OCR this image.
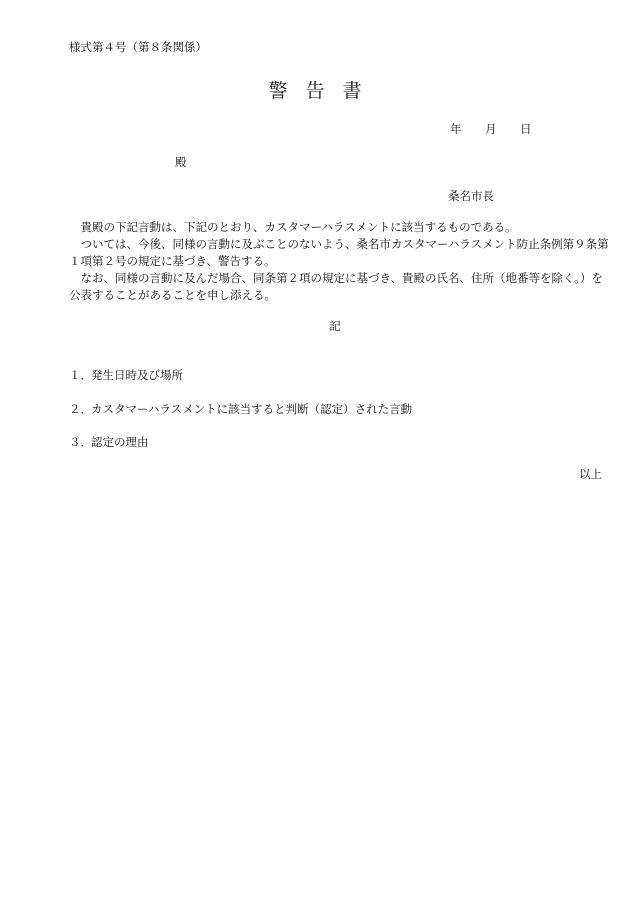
様式第４号（第８条関係）
警 告 書
年 月 日
殿
桑名市長

貴殿の下記言動は、下記のとおり、カスタマーハラスメントに該当するものである。

ついては、今後、同様の言動に及ぶことのないよう、桑名市カスタマーハラスメント防止条例第９条第１項第２号の規定に基づき、警告する。

なお、同様の言動に及んだ場合、同条第２項の規定に基づき、貴殿の氏名、住所（地番等を除く。）を公表することがあることを申し添える。

記
１．発生日時及び場所
２．カスタマーハラスメントに該当すると判断（認定）された言動
３．認定の理由
以上
